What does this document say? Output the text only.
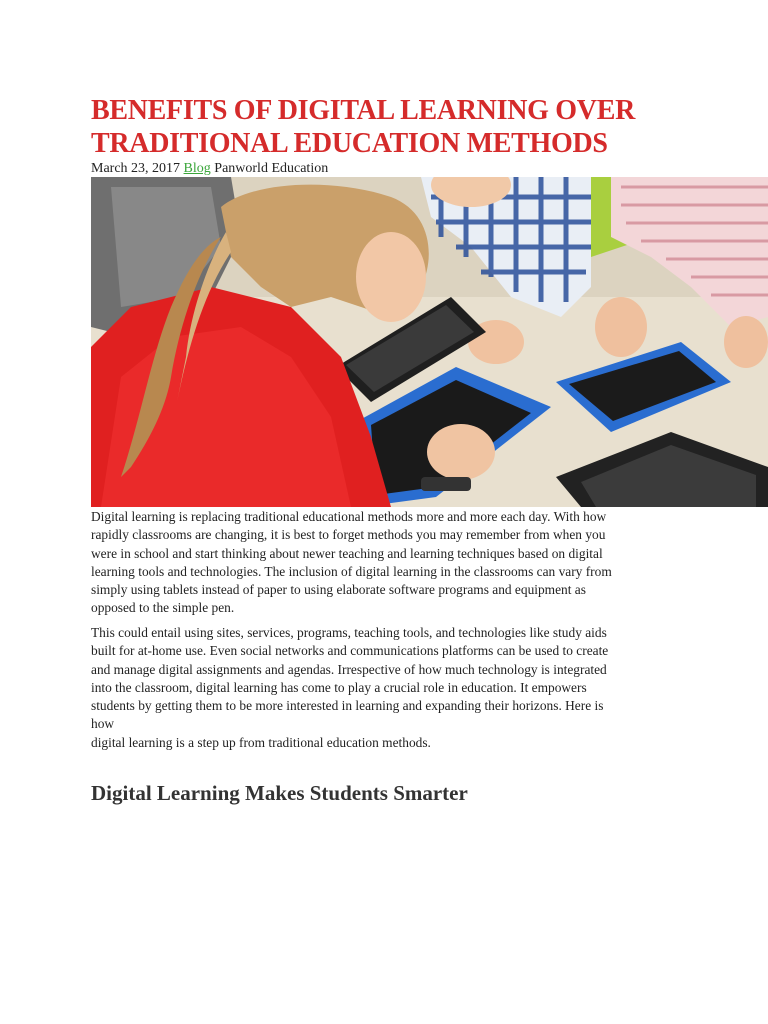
BENEFITS OF DIGITAL LEARNING OVER
TRADITIONAL EDUCATION METHODS
March 23, 2017 Blog Panworld Education
Digital learning is replacing traditional educational methods more and more each day. With how
rapidly classrooms are changing, it is best to forget methods you may remember from when you
were in school and start thinking about newer teaching and learning techniques based on digital
learning tools and technologies. The inclusion of digital learning in the classrooms can vary from
simply using tablets instead of paper to using elaborate software programs and equipment as
opposed to the simple pen.
This could entail using sites, services, programs, teaching tools, and technologies like study aids
built for at-home use. Even social networks and communications platforms can be used to create
and manage digital assignments and agendas. Irrespective of how much technology is integrated
into the classroom, digital learning has come to play a crucial role in education. It empowers
students by getting them to be more interested in learning and expanding their horizons. Here is
how
digital learning is a step up from traditional education methods.
Digital Learning Makes Students Smarter
